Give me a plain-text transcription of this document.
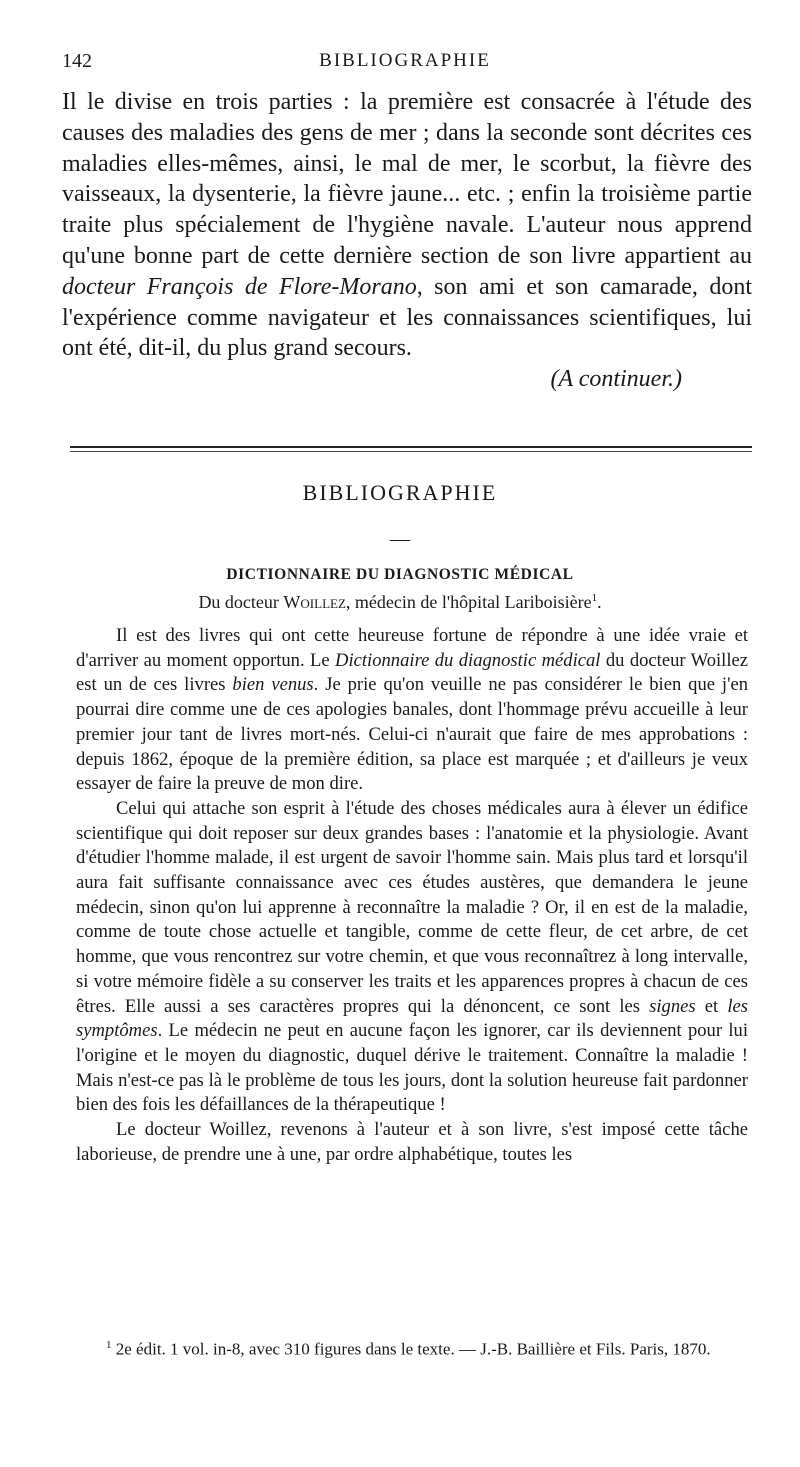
142	BIBLIOGRAPHIE

Il le divise en trois parties : la première est consacrée à l'étude des causes des maladies des gens de mer ; dans la seconde sont décrites ces maladies elles-mêmes, ainsi, le mal de mer, le scorbut, la fièvre des vaisseaux, la dysenterie, la fièvre jaune... etc. ; enfin la troisième partie traite plus spécialement de l'hygiène navale. L'auteur nous apprend qu'une bonne part de cette dernière section de son livre appartient au docteur François de Flore-Morano, son ami et son camarade, dont l'expérience comme navigateur et les connaissances scientifiques, lui ont été, dit-il, du plus grand secours.

(A continuer.)

BIBLIOGRAPHIE
—
DICTIONNAIRE DU DIAGNOSTIC MÉDICAL
Du docteur Woillez, médecin de l'hôpital Lariboisière$^1$.

Il est des livres qui ont cette heureuse fortune de répondre à une idée vraie et d'arriver au moment opportun. Le Dictionnaire du diagnostic médical du docteur Woillez est un de ces livres bien venus. Je prie qu'on veuille ne pas considérer le bien que j'en pourrai dire comme une de ces apologies banales, dont l'hommage prévu accueille à leur premier jour tant de livres mort-nés. Celui-ci n'aurait que faire de mes approbations : depuis 1862, époque de la première édition, sa place est marquée ; et d'ailleurs je veux essayer de faire la preuve de mon dire.

Celui qui attache son esprit à l'étude des choses médicales aura à élever un édifice scientifique qui doit reposer sur deux grandes bases : l'anatomie et la physiologie. Avant d'étudier l'homme malade, il est urgent de savoir l'homme sain. Mais plus tard et lorsqu'il aura fait suffisante connaissance avec ces études austères, que demandera le jeune médecin, sinon qu'on lui apprenne à reconnaître la maladie ? Or, il en est de la maladie, comme de toute chose actuelle et tangible, comme de cette fleur, de cet arbre, de cet homme, que vous rencontrez sur votre chemin, et que vous reconnaîtrez à long intervalle, si votre mémoire fidèle a su conserver les traits et les apparences propres à chacun de ces êtres. Elle aussi a ses caractères propres qui la dénoncent, ce sont les signes et les symptômes. Le médecin ne peut en aucune façon les ignorer, car ils deviennent pour lui l'origine et le moyen du diagnostic, duquel dérive le traitement. Connaître la maladie ! Mais n'est-ce pas là le problème de tous les jours, dont la solution heureuse fait pardonner bien des fois les défaillances de la thérapeutique !

Le docteur Woillez, revenons à l'auteur et à son livre, s'est imposé cette tâche laborieuse, de prendre une à une, par ordre alphabétique, toutes les

$^1$ 2e édit. 1 vol. in-8, avec 310 figures dans le texte. — J.-B. Baillière et Fils. Paris, 1870.
